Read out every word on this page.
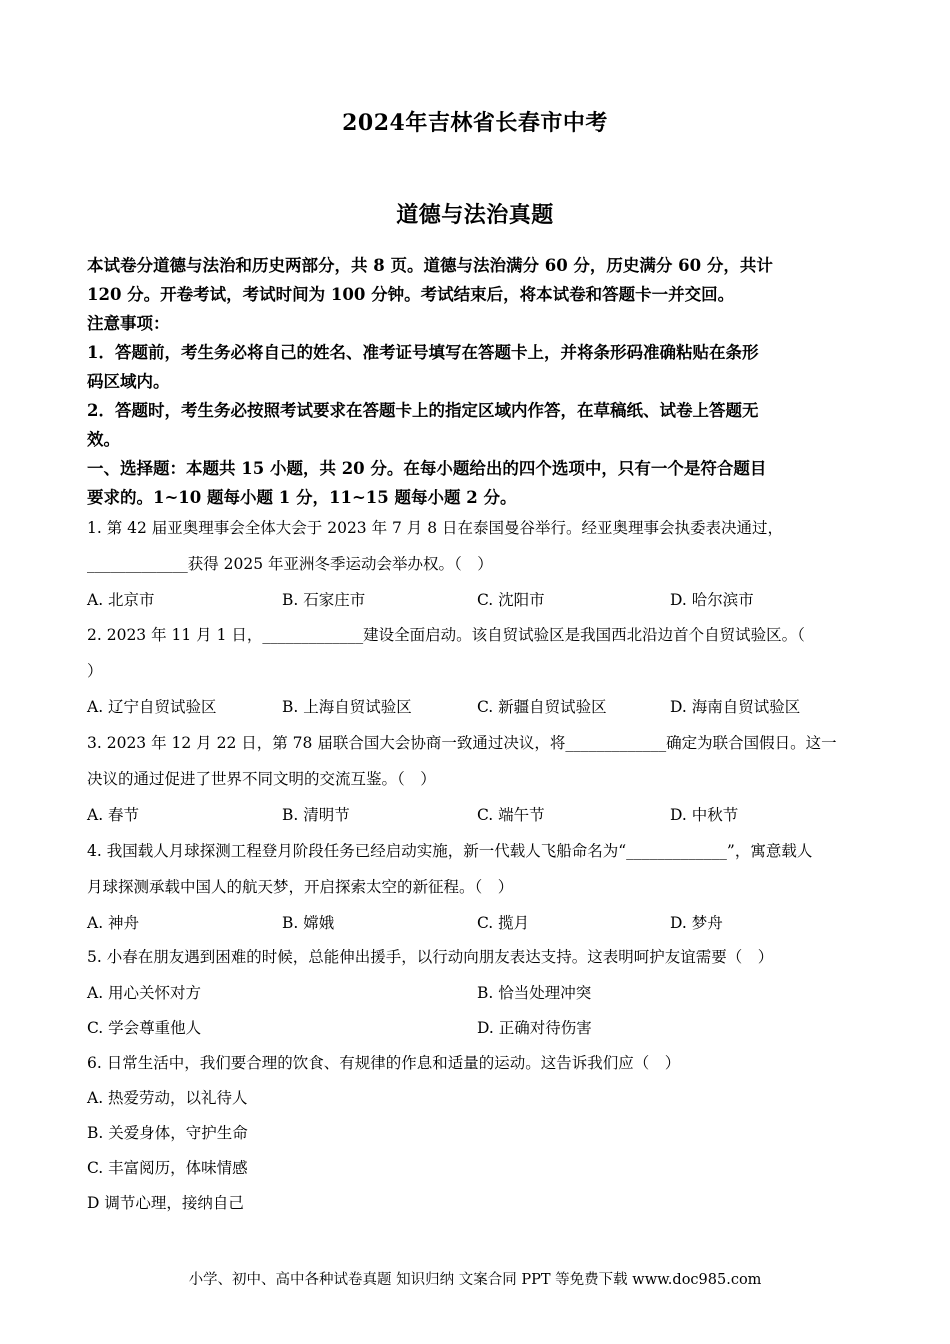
2024年吉林省长春市中考
道德与法治真题
本试卷分道德与法治和历史两部分，共 8 页。道德与法治满分 60 分，历史满分 60 分，共计
120 分。开卷考试，考试时间为 100 分钟。考试结束后，将本试卷和答题卡一并交回。
注意事项：
1．答题前，考生务必将自己的姓名、准考证号填写在答题卡上，并将条形码准确粘贴在条形
码区域内。
2．答题时，考生务必按照考试要求在答题卡上的指定区域内作答，在草稿纸、试卷上答题无
效。
一、选择题：本题共 15 小题，共 20 分。在每小题给出的四个选项中，只有一个是符合题目
要求的。1~10 题每小题 1 分，11~15 题每小题 2 分。
1. 第 42 届亚奥理事会全体大会于 2023 年 7 月 8 日在泰国曼谷举行。经亚奥理事会执委表决通过，
_____________获得 2025 年亚洲冬季运动会举办权。（　）
A. 北京市	B. 石家庄市	C. 沈阳市	D. 哈尔滨市
2. 2023 年 11 月 1 日，_____________建设全面启动。该自贸试验区是我国西北沿边首个自贸试验区。（
）
A. 辽宁自贸试验区	B. 上海自贸试验区	C. 新疆自贸试验区	D. 海南自贸试验区
3. 2023 年 12 月 22 日，第 78 届联合国大会协商一致通过决议，将_____________确定为联合国假日。这一
决议的通过促进了世界不同文明的交流互鉴。（　）
A. 春节	B. 清明节	C. 端午节	D. 中秋节
4. 我国载人月球探测工程登月阶段任务已经启动实施，新一代载人飞船命名为“_____________”，寓意载人
月球探测承载中国人的航天梦，开启探索太空的新征程。（　）
A. 神舟	B. 嫦娥	C. 揽月	D. 梦舟
5. 小春在朋友遇到困难的时候，总能伸出援手，以行动向朋友表达支持。这表明呵护友谊需要（　）
A. 用心关怀对方	B. 恰当处理冲突
C. 学会尊重他人	D. 正确对待伤害
6. 日常生活中，我们要合理的饮食、有规律的作息和适量的运动。这告诉我们应（　）
A. 热爱劳动，以礼待人
B. 关爱身体，守护生命
C. 丰富阅历，体味情感
D 调节心理，接纳自己
小学、初中、高中各种试卷真题 知识归纳 文案合同 PPT 等免费下载 www.doc985.com
